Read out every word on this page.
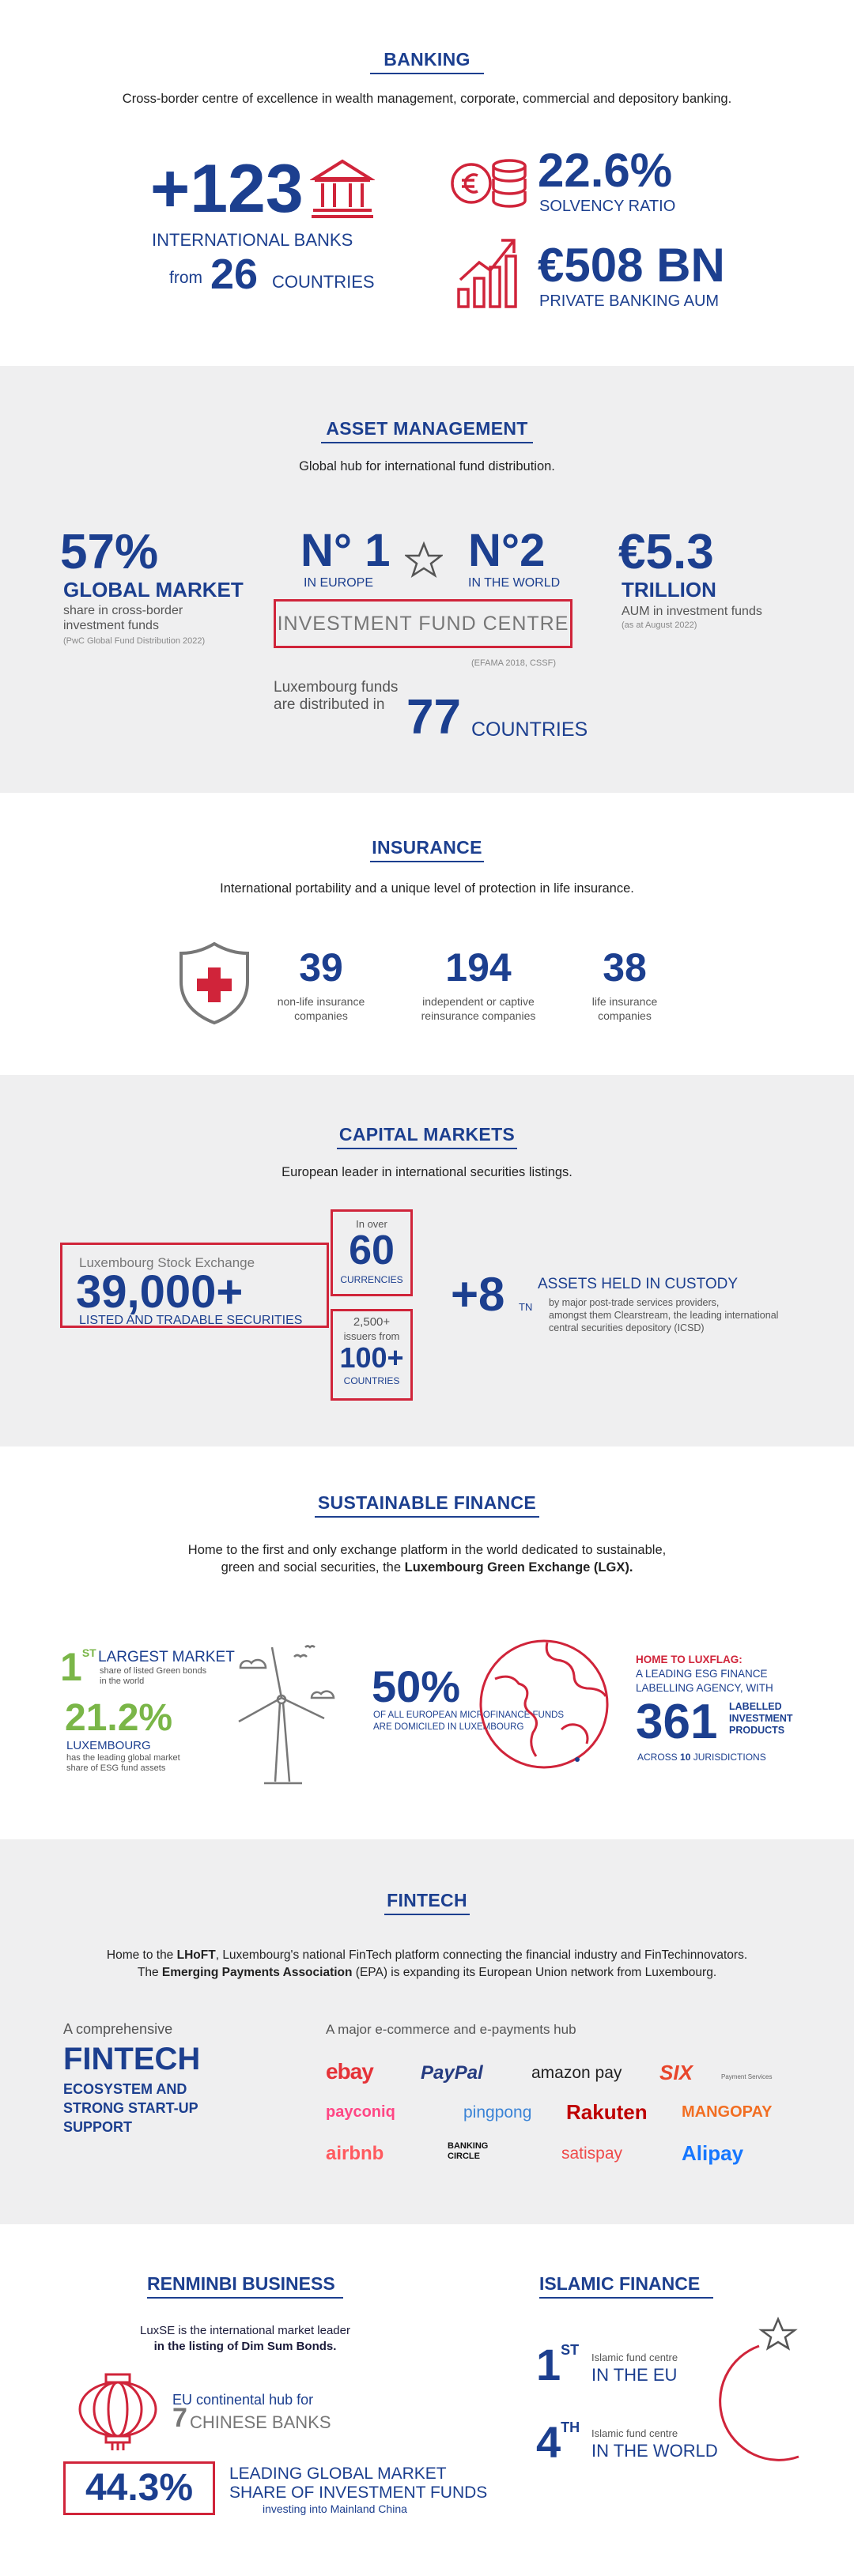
BANKING
Cross-border centre of excellence in wealth management, corporate, commercial and depository banking.
+123
INTERNATIONAL BANKS
from 26 COUNTRIES
22.6%
SOLVENCY RATIO
€508 BN
PRIVATE BANKING AUM
ASSET MANAGEMENT
Global hub for international fund distribution.
57%
GLOBAL MARKET
share in cross-border
investment funds
(PwC Global Fund Distribution 2022)
N° 1
IN EUROPE
N°2
IN THE WORLD
INVESTMENT FUND CENTRE
(EFAMA 2018, CSSF)
Luxembourg funds
are distributed in 77 COUNTRIES
€5.3
TRILLION
AUM in investment funds
(as at August 2022)
INSURANCE
International portability and a unique level of protection in life insurance.
39
non-life insurance
companies
194
independent or captive
reinsurance companies
38
life insurance
companies
CAPITAL MARKETS
European leader in international securities listings.
Luxembourg Stock Exchange
39,000+
LISTED AND TRADABLE SECURITIES
In over
60
CURRENCIES
2,500+
issuers from
100+
COUNTRIES
+8 TN
ASSETS HELD IN CUSTODY
by major post-trade services providers,
amongst them Clearstream, the leading international
central securities depository (ICSD)
SUSTAINABLE FINANCE
Home to the first and only exchange platform in the world dedicated to sustainable,
green and social securities, the Luxembourg Green Exchange (LGX).
1ST LARGEST MARKET
share of listed Green bonds
in the world
21.2%
LUXEMBOURG
has the leading global market
share of ESG fund assets
50%
OF ALL EUROPEAN MICROFINANCE FUNDS
ARE DOMICILED IN LUXEMBOURG
HOME TO LUXFLAG:
A LEADING ESG FINANCE
LABELLING AGENCY, WITH
361 LABELLED
INVESTMENT
PRODUCTS
ACROSS 10 JURISDICTIONS
FINTECH
Home to the LHoFT, Luxembourg's national FinTech platform connecting the financial industry and FinTechinnovators.
The Emerging Payments Association (EPA) is expanding its European Union network from Luxembourg.
A comprehensive
FINTECH
ECOSYSTEM AND
STRONG START-UP
SUPPORT
A major e-commerce and e-payments hub
ebay	PayPal	amazon pay SIX	Payment Services
payconiq	pingpong Rakuten MANGOPAY
airbnb	BANKING CIRCLE	satispay	Alipay
RENMINBI BUSINESS
LuxSE is the international market leader
in the listing of Dim Sum Bonds.
EU continental hub for
7 CHINESE BANKS
44.3%	LEADING GLOBAL MARKET
SHARE OF INVESTMENT FUNDS
investing into Mainland China
ISLAMIC FINANCE
1ST Islamic fund centre
IN THE EU
4TH Islamic fund centre
IN THE WORLD
